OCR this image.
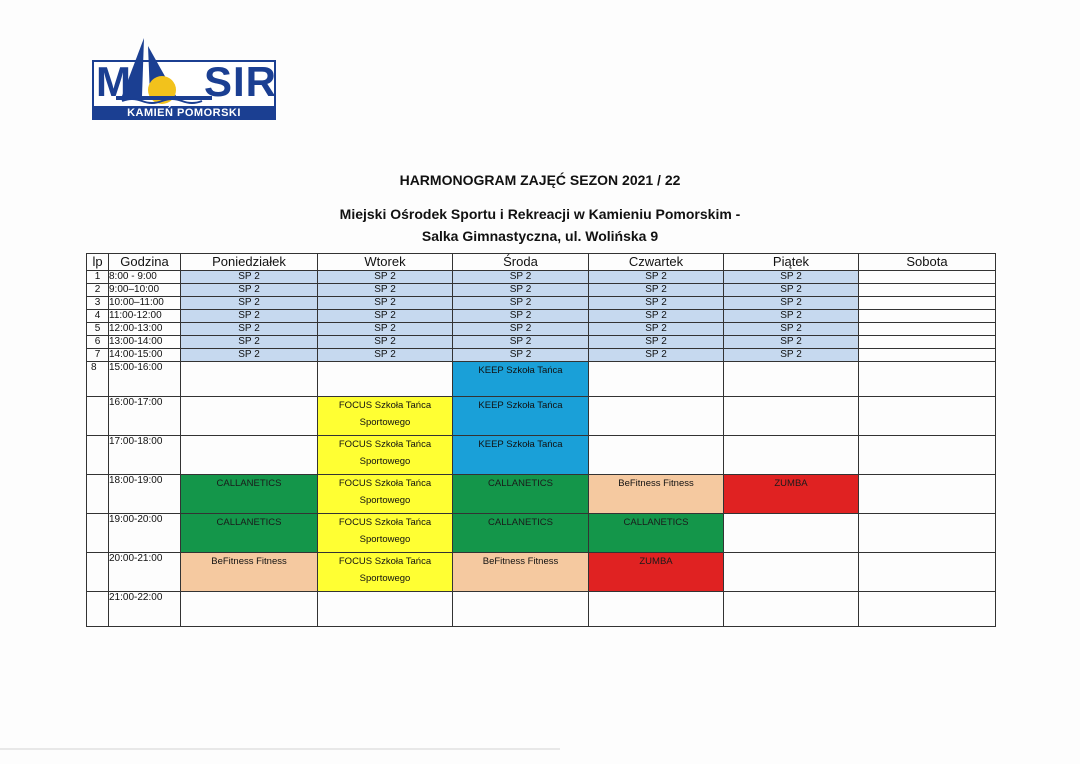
M SIR
KAMIEŃ POMORSKI
HARMONOGRAM ZAJĘĆ SEZON 2021 / 22
Miejski Ośrodek Sportu i Rekreacji w Kamieniu Pomorskim -
Salka Gimnastyczna, ul. Wolińska 9
lp	Godzina	Poniedziałek	Wtorek	Środa	Czwartek	Piątek	Sobota
1	8:00 - 9:00	SP 2	SP 2	SP 2	SP 2	SP 2	
2	9:00–10:00	SP 2	SP 2	SP 2	SP 2	SP 2	
3	10:00–11:00	SP 2	SP 2	SP 2	SP 2	SP 2	
4	11:00-12:00	SP 2	SP 2	SP 2	SP 2	SP 2	
5	12:00-13:00	SP 2	SP 2	SP 2	SP 2	SP 2	
6	13:00-14:00	SP 2	SP 2	SP 2	SP 2	SP 2	
7	14:00-15:00	SP 2	SP 2	SP 2	SP 2	SP 2	
8	15:00-16:00			KEEP Szkoła Tańca			
	16:00-17:00		FOCUS Szkoła Tańca Sportowego	KEEP Szkoła Tańca			
	17:00-18:00		FOCUS Szkoła Tańca Sportowego	KEEP Szkoła Tańca			
	18:00-19:00	CALLANETICS	FOCUS Szkoła Tańca Sportowego	CALLANETICS	BeFitness Fitness	ZUMBA	
	19:00-20:00	CALLANETICS	FOCUS Szkoła Tańca Sportowego	CALLANETICS	CALLANETICS		
	20:00-21:00	BeFitness Fitness	FOCUS Szkoła Tańca Sportowego	BeFitness Fitness	ZUMBA		
	21:00-22:00						
